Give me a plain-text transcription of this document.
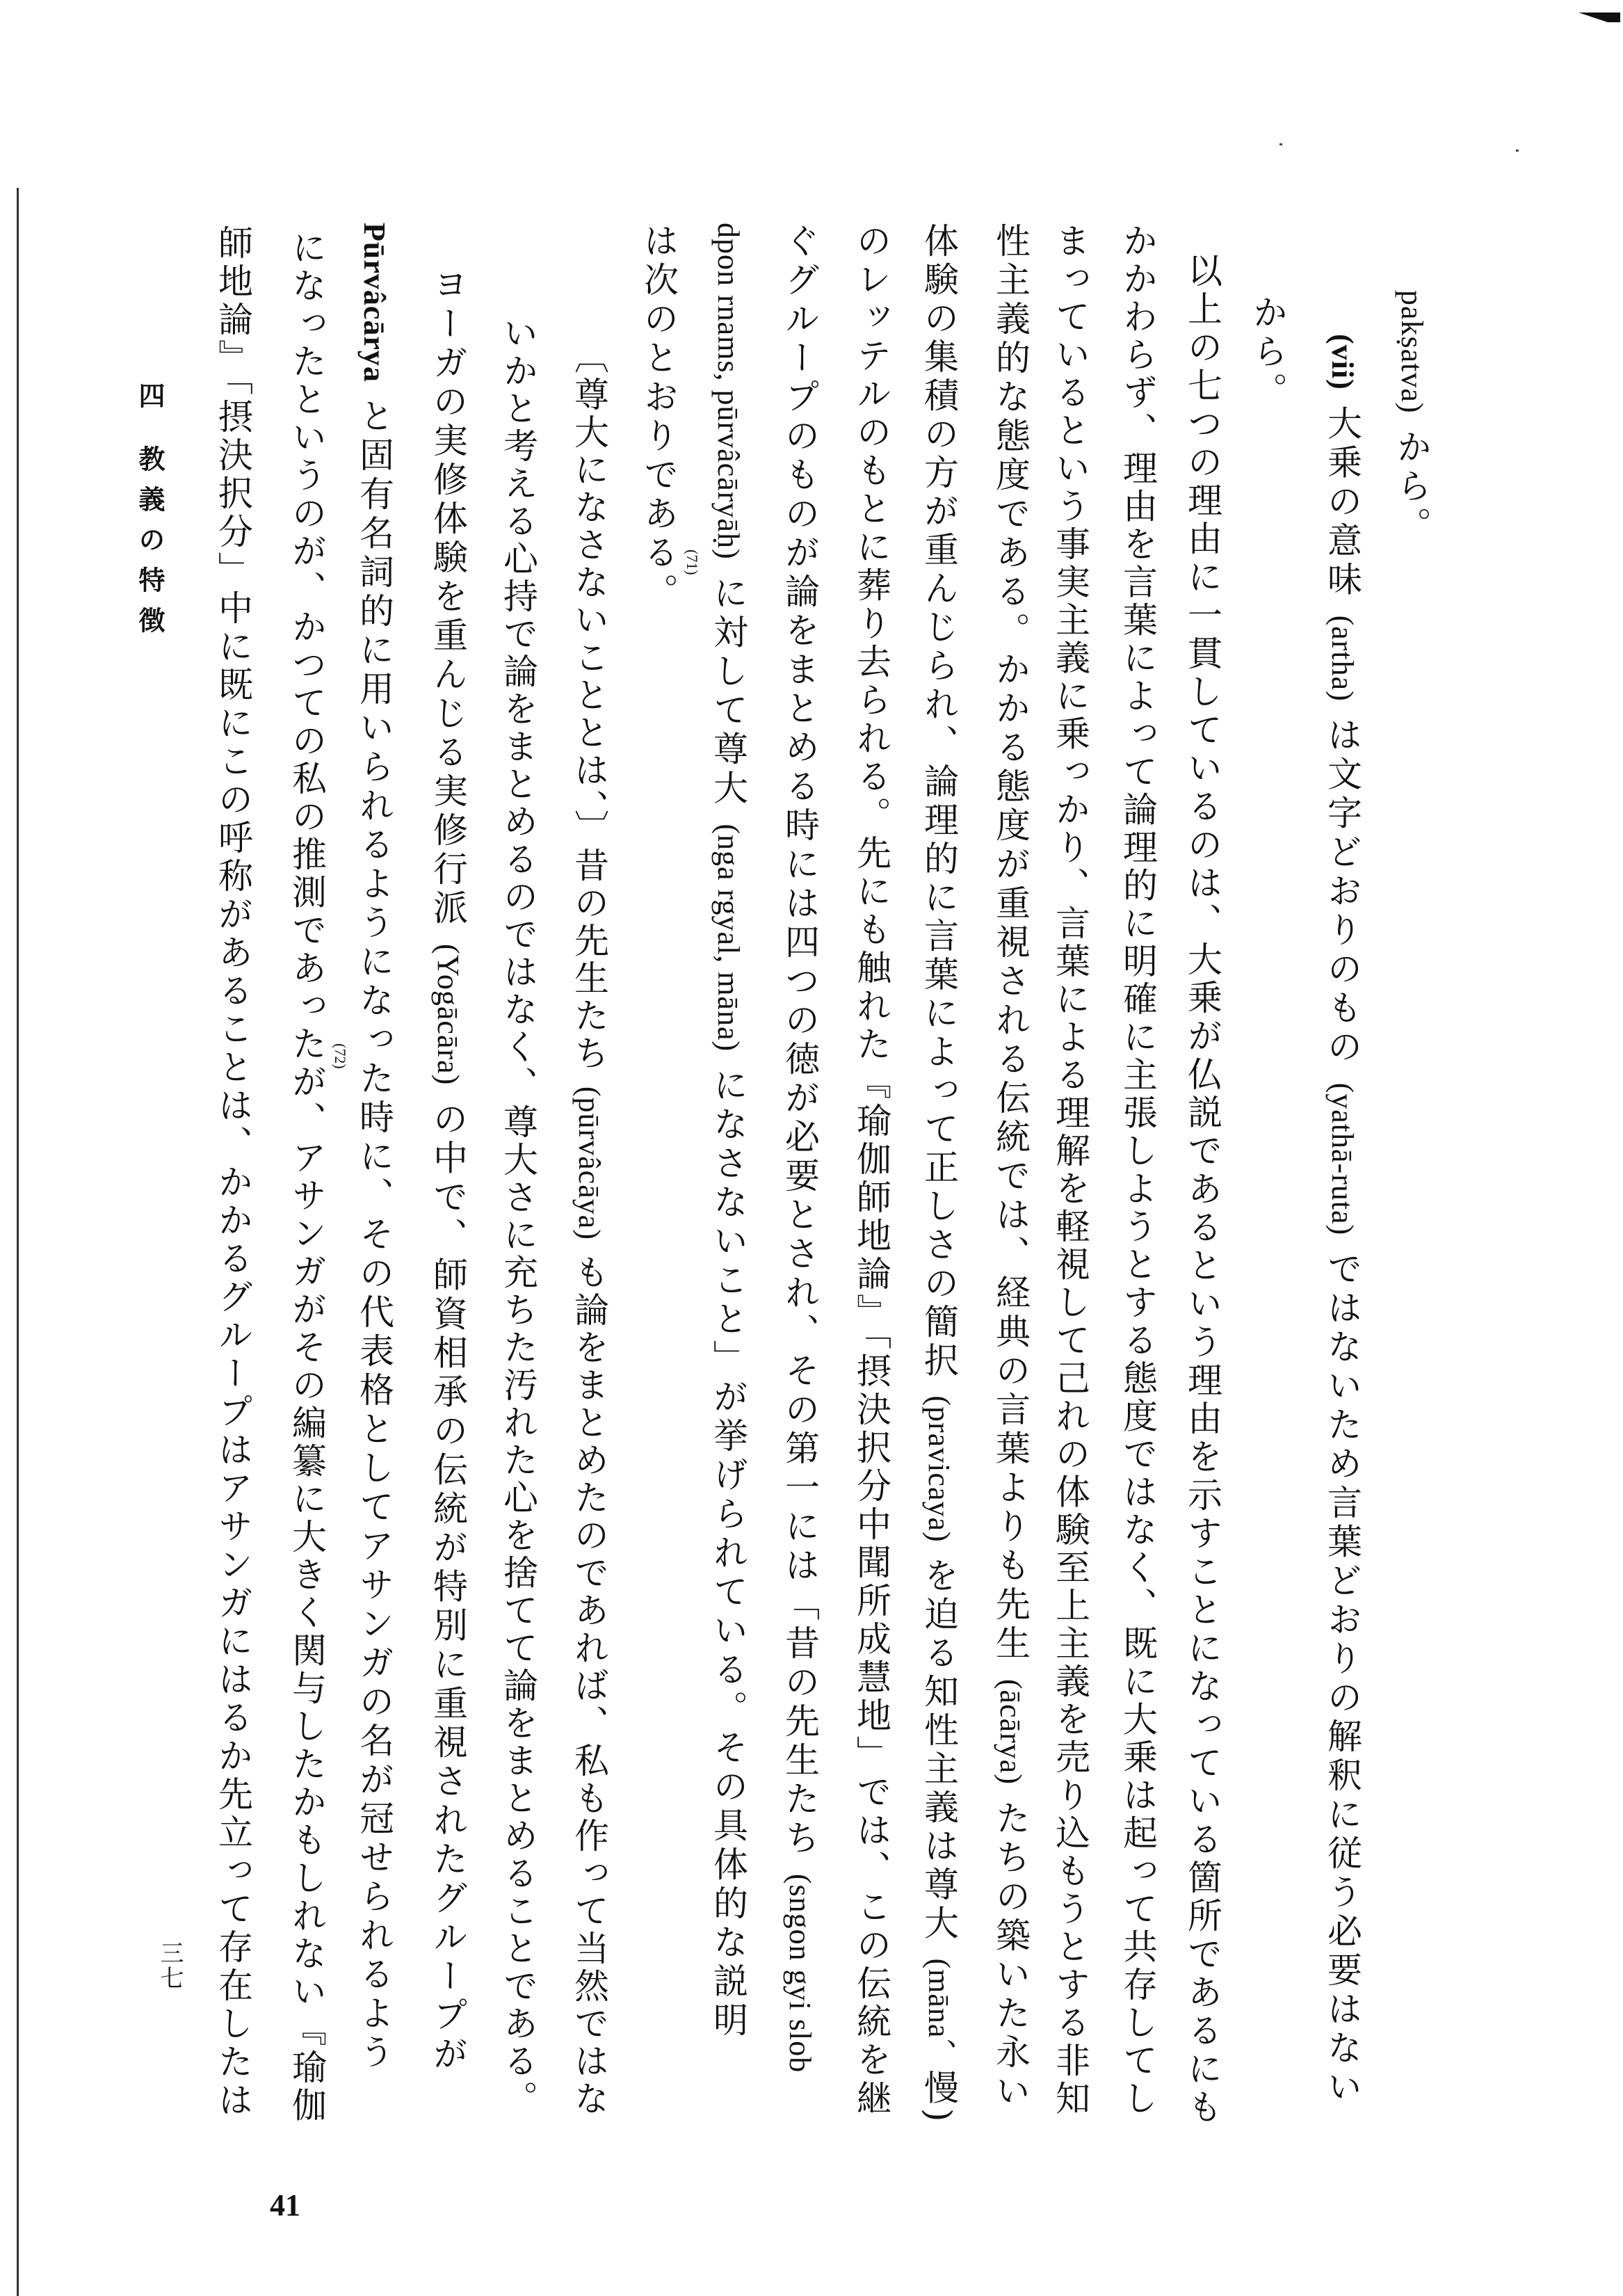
四 教義の特徴
三七
41
pakṣatva) から。
(vii) 大乗の意味 (artha) は文字どおりのもの (yathā-ruta) ではないため言葉どおりの解釈に従う必要はない
から。
以上の七つの理由に一貫しているのは、大乗が仏説であるという理由を示すことになっている箇所であるにも
かかわらず、理由を言葉によって論理的に明確に主張しようとする態度ではなく、既に大乗は起って共存してし
まっているという事実主義に乗っかり、言葉による理解を軽視して己れの体験至上主義を売り込もうとする非知
性主義的な態度である。かかる態度が重視される伝統では、経典の言葉よりも先生 (ācārya) たちの築いた永い
体験の集積の方が重んじられ、論理的に言葉によって正しさの簡択 (pravicaya) を迫る知性主義は尊大 (māna、慢)
のレッテルのもとに葬り去られる。先にも触れた『瑜伽師地論』「摂決択分中聞所成慧地」では、この伝統を継
ぐグループのものが論をまとめる時には四つの徳が必要とされ、その第一には「昔の先生たち (sngon gyi slob
dpon rnams, pūrvâcāryāḥ) に対して尊大 (nga rgyal, māna) になさないこと」が挙げられている。その具体的な説明
は次のとおりである。 (71)
〔尊大になさないこととは、〕昔の先生たち (pūrvâcāya) も論をまとめたのであれば、私も作って当然ではな
いかと考える心持で論をまとめるのではなく、尊大さに充ちた汚れた心を捨てて論をまとめることである。
ヨーガの実修体験を重んじる実修行派 (Yogācāra) の中で、師資相承の伝統が特別に重視されたグループが
Pūrvâcārya と固有名詞的に用いられるようになった時に、その代表格としてアサンガの名が冠せられるよう
になったというのが、かつての私の推測であったが、アサンガがその編纂に大きく関与したかもしれない『瑜伽
(72)
師地論』「摂決択分」中に既にこの呼称があることは、かかるグループはアサンガにはるか先立って存在したは
